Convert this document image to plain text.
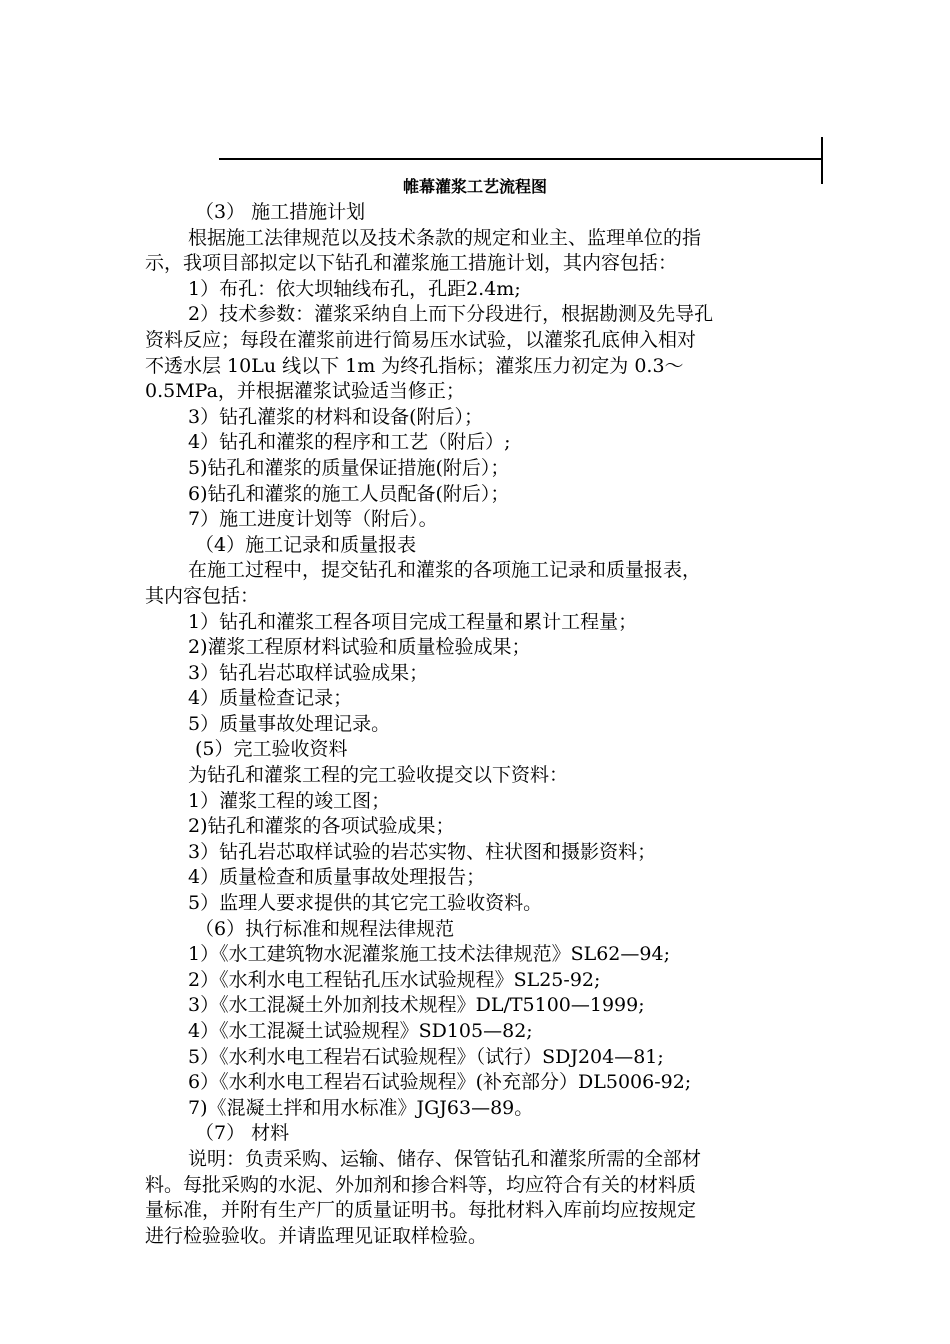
帷幕灌浆工艺流程图
（3） 施工措施计划
根据施工法律规范以及技术条款的规定和业主、监理单位的指
示，我项目部拟定以下钻孔和灌浆施工措施计划，其内容包括：
1）布孔：依大坝轴线布孔，孔距2.4m;
2）技术参数：灌浆采纳自上而下分段进行，根据勘测及先导孔
资料反应；每段在灌浆前进行简易压水试验，以灌浆孔底伸入相对
不透水层 10Lu 线以下 1m 为终孔指标；灌浆压力初定为 0.3～
0.5MPa，并根据灌浆试验适当修正；
3）钻孔灌浆的材料和设备(附后）；
4）钻孔和灌浆的程序和工艺（附后）;
5)钻孔和灌浆的质量保证措施(附后）；
6)钻孔和灌浆的施工人员配备(附后）；
7）施工进度计划等（附后）。
（4）施工记录和质量报表
在施工过程中，提交钻孔和灌浆的各项施工记录和质量报表，
其内容包括：
1）钻孔和灌浆工程各项目完成工程量和累计工程量；
2)灌浆工程原材料试验和质量检验成果；
3）钻孔岩芯取样试验成果；
4）质量检查记录；
5）质量事故处理记录。
(5）完工验收资料
为钻孔和灌浆工程的完工验收提交以下资料：
1）灌浆工程的竣工图；
2)钻孔和灌浆的各项试验成果；
3）钻孔岩芯取样试验的岩芯实物、柱状图和摄影资料；
4）质量检查和质量事故处理报告；
5）监理人要求提供的其它完工验收资料。
（6）执行标准和规程法律规范
1）《水工建筑物水泥灌浆施工技术法律规范》SL62—94;
2）《水利水电工程钻孔压水试验规程》SL25-92;
3）《水工混凝土外加剂技术规程》DL/T5100—1999;
4）《水工混凝土试验规程》SD105—82;
5）《水利水电工程岩石试验规程》（试行）SDJ204—81;
6）《水利水电工程岩石试验规程》(补充部分）DL5006-92;
7)《混凝土拌和用水标准》JGJ63—89。
（7） 材料
说明：负责采购、运输、储存、保管钻孔和灌浆所需的全部材
料。每批采购的水泥、外加剂和掺合料等，均应符合有关的材料质
量标准，并附有生产厂的质量证明书。每批材料入库前均应按规定
进行检验验收。并请监理见证取样检验。
